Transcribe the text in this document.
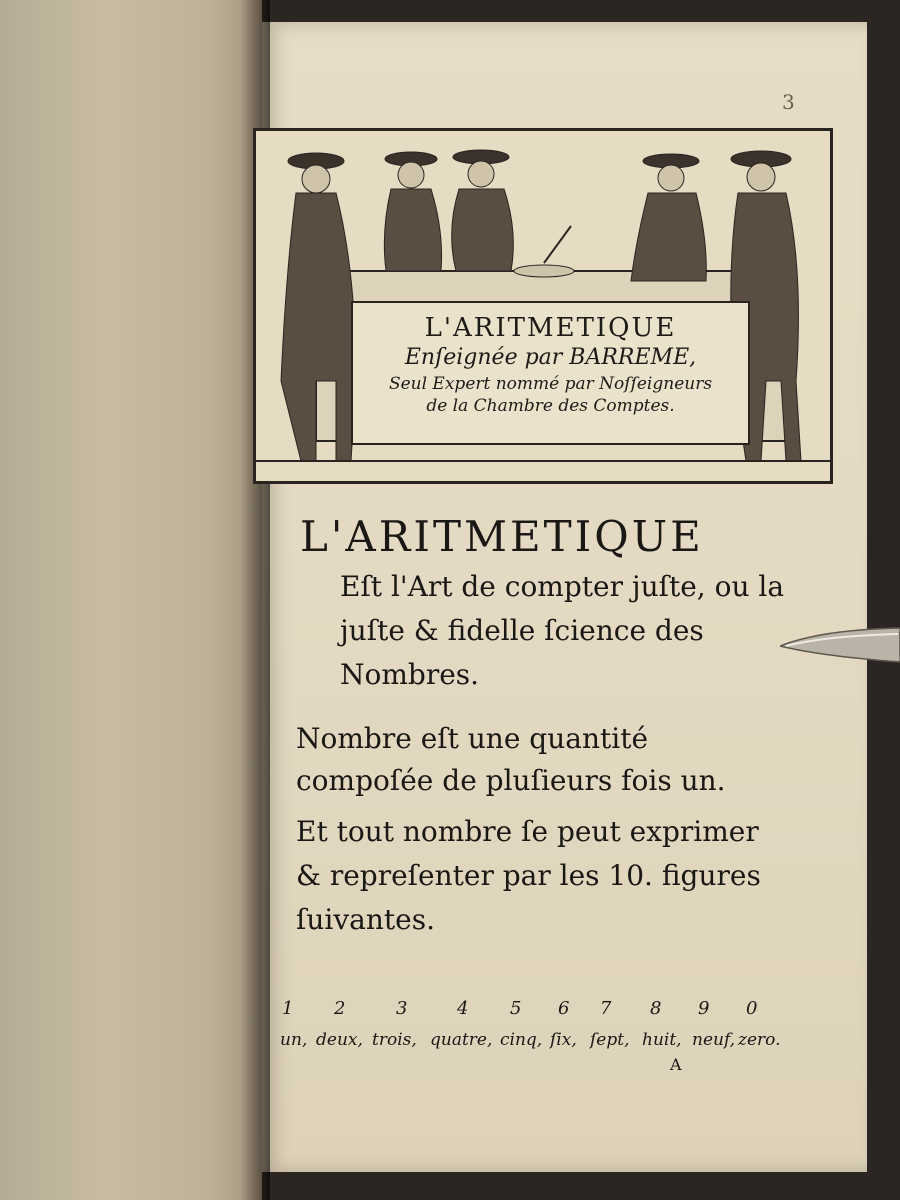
3
L'ARITMETIQUE
Enſeignée par BARREME,
Seul Expert nommé par Noſſeigneurs
de la Chambre des Comptes.
L'ARITMETIQUE
Eſt l'Art de compter juſte, ou la juſte & fidelle ſcience des Nombres.
Nombre eſt une quantité compoſée de pluſieurs fois un.
Et tout nombre ſe peut exprimer & repreſenter par les 10. figures ſuivantes.
1 2	3	4 5 6 7 8 9 0
un, deux, trois, quatre, cinq, ſix, ſept, huit, neuf, zero.
A
